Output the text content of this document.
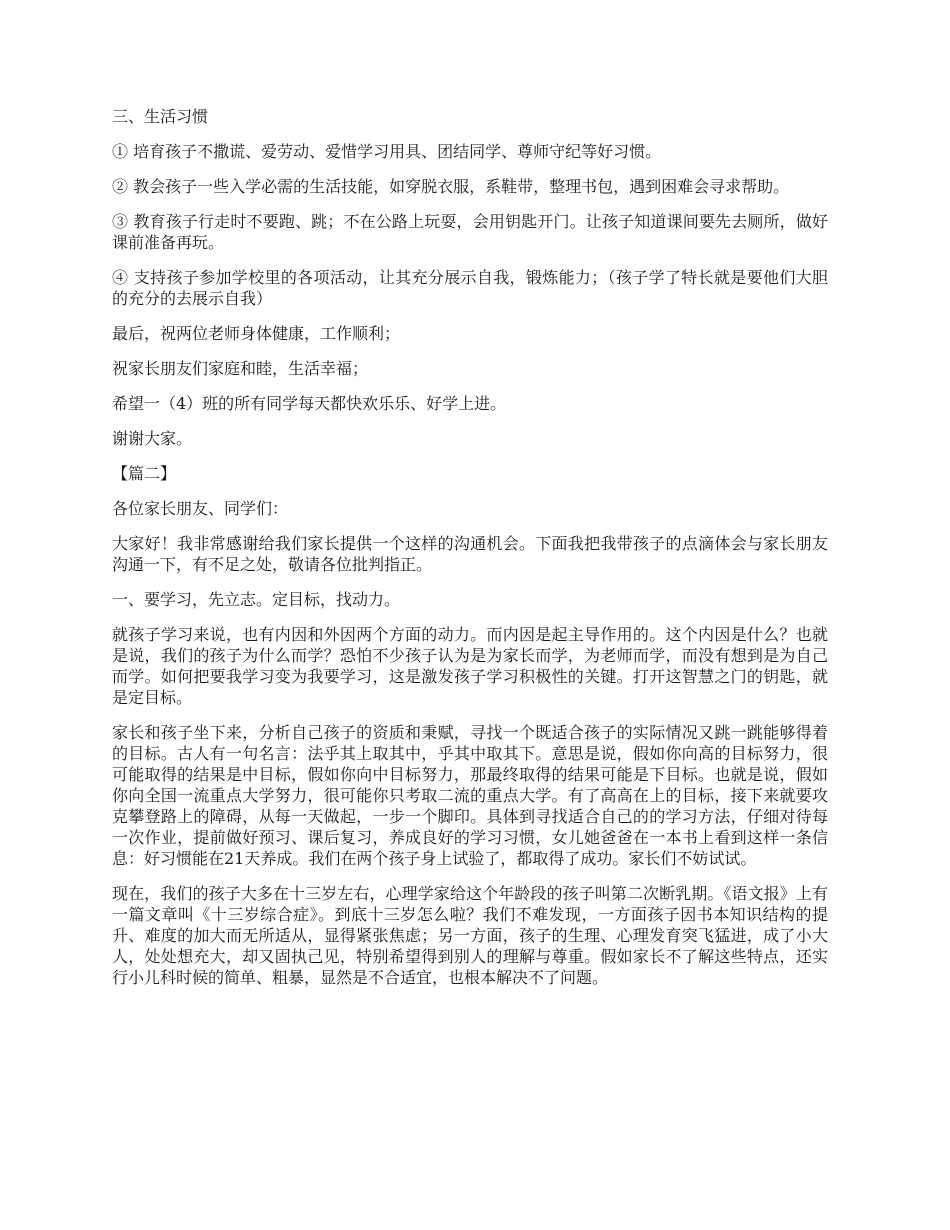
三、生活习惯

① 培育孩子不撒谎、爱劳动、爱惜学习用具、团结同学、尊师守纪等好习惯。

② 教会孩子一些入学必需的生活技能，如穿脱衣服，系鞋带，整理书包，遇到困难会寻求帮助。

③ 教育孩子行走时不要跑、跳；不在公路上玩耍，会用钥匙开门。让孩子知道课间要先去厕所，做好课前准备再玩。

④ 支持孩子参加学校里的各项活动，让其充分展示自我，锻炼能力；（孩子学了特长就是要他们大胆的充分的去展示自我）

最后，祝两位老师身体健康，工作顺利；

祝家长朋友们家庭和睦，生活幸福；

希望一（4）班的所有同学每天都快欢乐乐、好学上进。

谢谢大家。

【篇二】

各位家长朋友、同学们：

大家好！我非常感谢给我们家长提供一个这样的沟通机会。下面我把我带孩子的点滴体会与家长朋友沟通一下，有不足之处，敬请各位批判指正。

一、要学习，先立志。定目标，找动力。

就孩子学习来说，也有内因和外因两个方面的动力。而内因是起主导作用的。这个内因是什么？也就是说，我们的孩子为什么而学？恐怕不少孩子认为是为家长而学，为老师而学，而没有想到是为自己而学。如何把要我学习变为我要学习，这是激发孩子学习积极性的关键。打开这智慧之门的钥匙，就是定目标。

家长和孩子坐下来，分析自己孩子的资质和秉赋，寻找一个既适合孩子的实际情况又跳一跳能够得着的目标。古人有一句名言：法乎其上取其中，乎其中取其下。意思是说，假如你向高的目标努力，很可能取得的结果是中目标，假如你向中目标努力，那最终取得的结果可能是下目标。也就是说，假如你向全国一流重点大学努力，很可能你只考取二流的重点大学。有了高高在上的目标，接下来就要攻克攀登路上的障碍，从每一天做起，一步一个脚印。具体到寻找适合自己的的学习方法，仔细对待每一次作业，提前做好预习、课后复习，养成良好的学习习惯，女儿她爸爸在一本书上看到这样一条信息：好习惯能在21天养成。我们在两个孩子身上试验了，都取得了成功。家长们不妨试试。

现在，我们的孩子大多在十三岁左右，心理学家给这个年龄段的孩子叫第二次断乳期。《语文报》上有一篇文章叫《十三岁综合症》。到底十三岁怎么啦？我们不难发现，一方面孩子因书本知识结构的提升、难度的加大而无所适从，显得紧张焦虑；另一方面，孩子的生理、心理发育突飞猛进，成了小大人，处处想充大，却又固执己见，特别希望得到别人的理解与尊重。假如家长不了解这些特点，还实行小儿科时候的简单、粗暴，显然是不合适宜，也根本解决不了问题。
